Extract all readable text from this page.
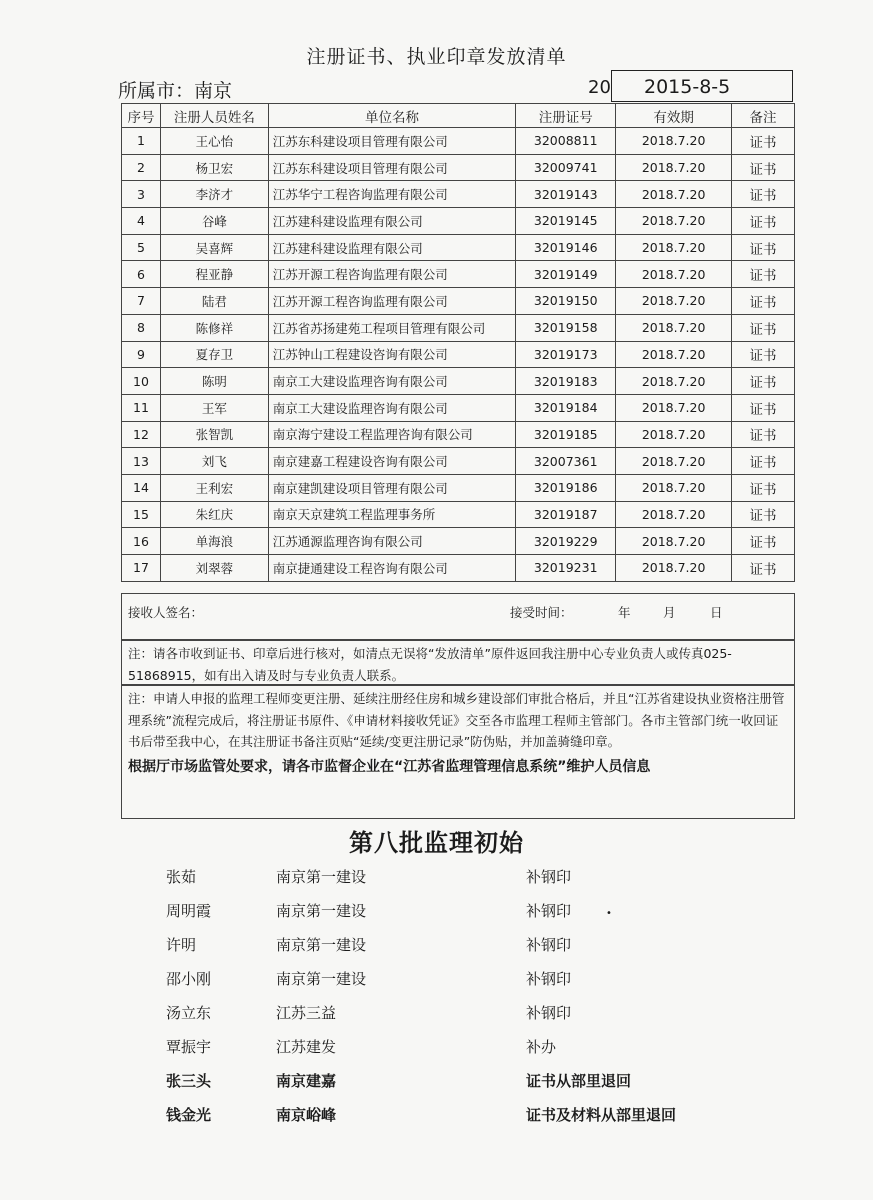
注册证书、执业印章发放清单
所属市：南京	20	2015-8-5
序号	注册人员姓名	单位名称	注册证号	有效期	备注
1	王心怡	江苏东科建设项目管理有限公司	32008811	2018.7.20	证书
2	杨卫宏	江苏东科建设项目管理有限公司	32009741	2018.7.20	证书
3	李济才	江苏华宁工程咨询监理有限公司	32019143	2018.7.20	证书
4	谷峰	江苏建科建设监理有限公司	32019145	2018.7.20	证书
5	吴喜辉	江苏建科建设监理有限公司	32019146	2018.7.20	证书
6	程亚静	江苏开源工程咨询监理有限公司	32019149	2018.7.20	证书
7	陆君	江苏开源工程咨询监理有限公司	32019150	2018.7.20	证书
8	陈修祥	江苏省苏扬建苑工程项目管理有限公司	32019158	2018.7.20	证书
9	夏存卫	江苏钟山工程建设咨询有限公司	32019173	2018.7.20	证书
10	陈明	南京工大建设监理咨询有限公司	32019183	2018.7.20	证书
11	王军	南京工大建设监理咨询有限公司	32019184	2018.7.20	证书
12	张智凯	南京海宁建设工程监理咨询有限公司	32019185	2018.7.20	证书
13	刘飞	南京建嘉工程建设咨询有限公司	32007361	2018.7.20	证书
14	王利宏	南京建凯建设项目管理有限公司	32019186	2018.7.20	证书
15	朱红庆	南京天京建筑工程监理事务所	32019187	2018.7.20	证书
16	单海浪	江苏通源监理咨询有限公司	32019229	2018.7.20	证书
17	刘翠蓉	南京捷通建设工程咨询有限公司	32019231	2018.7.20	证书
接收人签名：	接受时间：	年	月	日
注：请各市收到证书、印章后进行核对，如清点无误将“发放清单”原件返回我注册中心专业负责人或传真025-51868915，如有出入请及时与专业负责人联系。
注：申请人申报的监理工程师变更注册、延续注册经住房和城乡建设部们审批合格后，并且“江苏省建设执业资格注册管理系统”流程完成后，将注册证书原件、《申请材料接收凭证》交至各市监理工程师主管部门。各市主管部门统一收回证书后带至我中心，在其注册证书备注页贴“延续/变更注册记录”防伪贴，并加盖骑缝印章。
根据厅市场监管处要求，请各市监督企业在“江苏省监理管理信息系统”维护人员信息
第八批监理初始
张茹	南京第一建设	补钢印
周明霞	南京第一建设	补钢印
许明	南京第一建设	补钢印
邵小刚	南京第一建设	补钢印
汤立东	江苏三益	补钢印
覃振宇	江苏建发	补办
张三头	南京建嘉	证书从部里退回
钱金光	南京峪峰	证书及材料从部里退回
•
